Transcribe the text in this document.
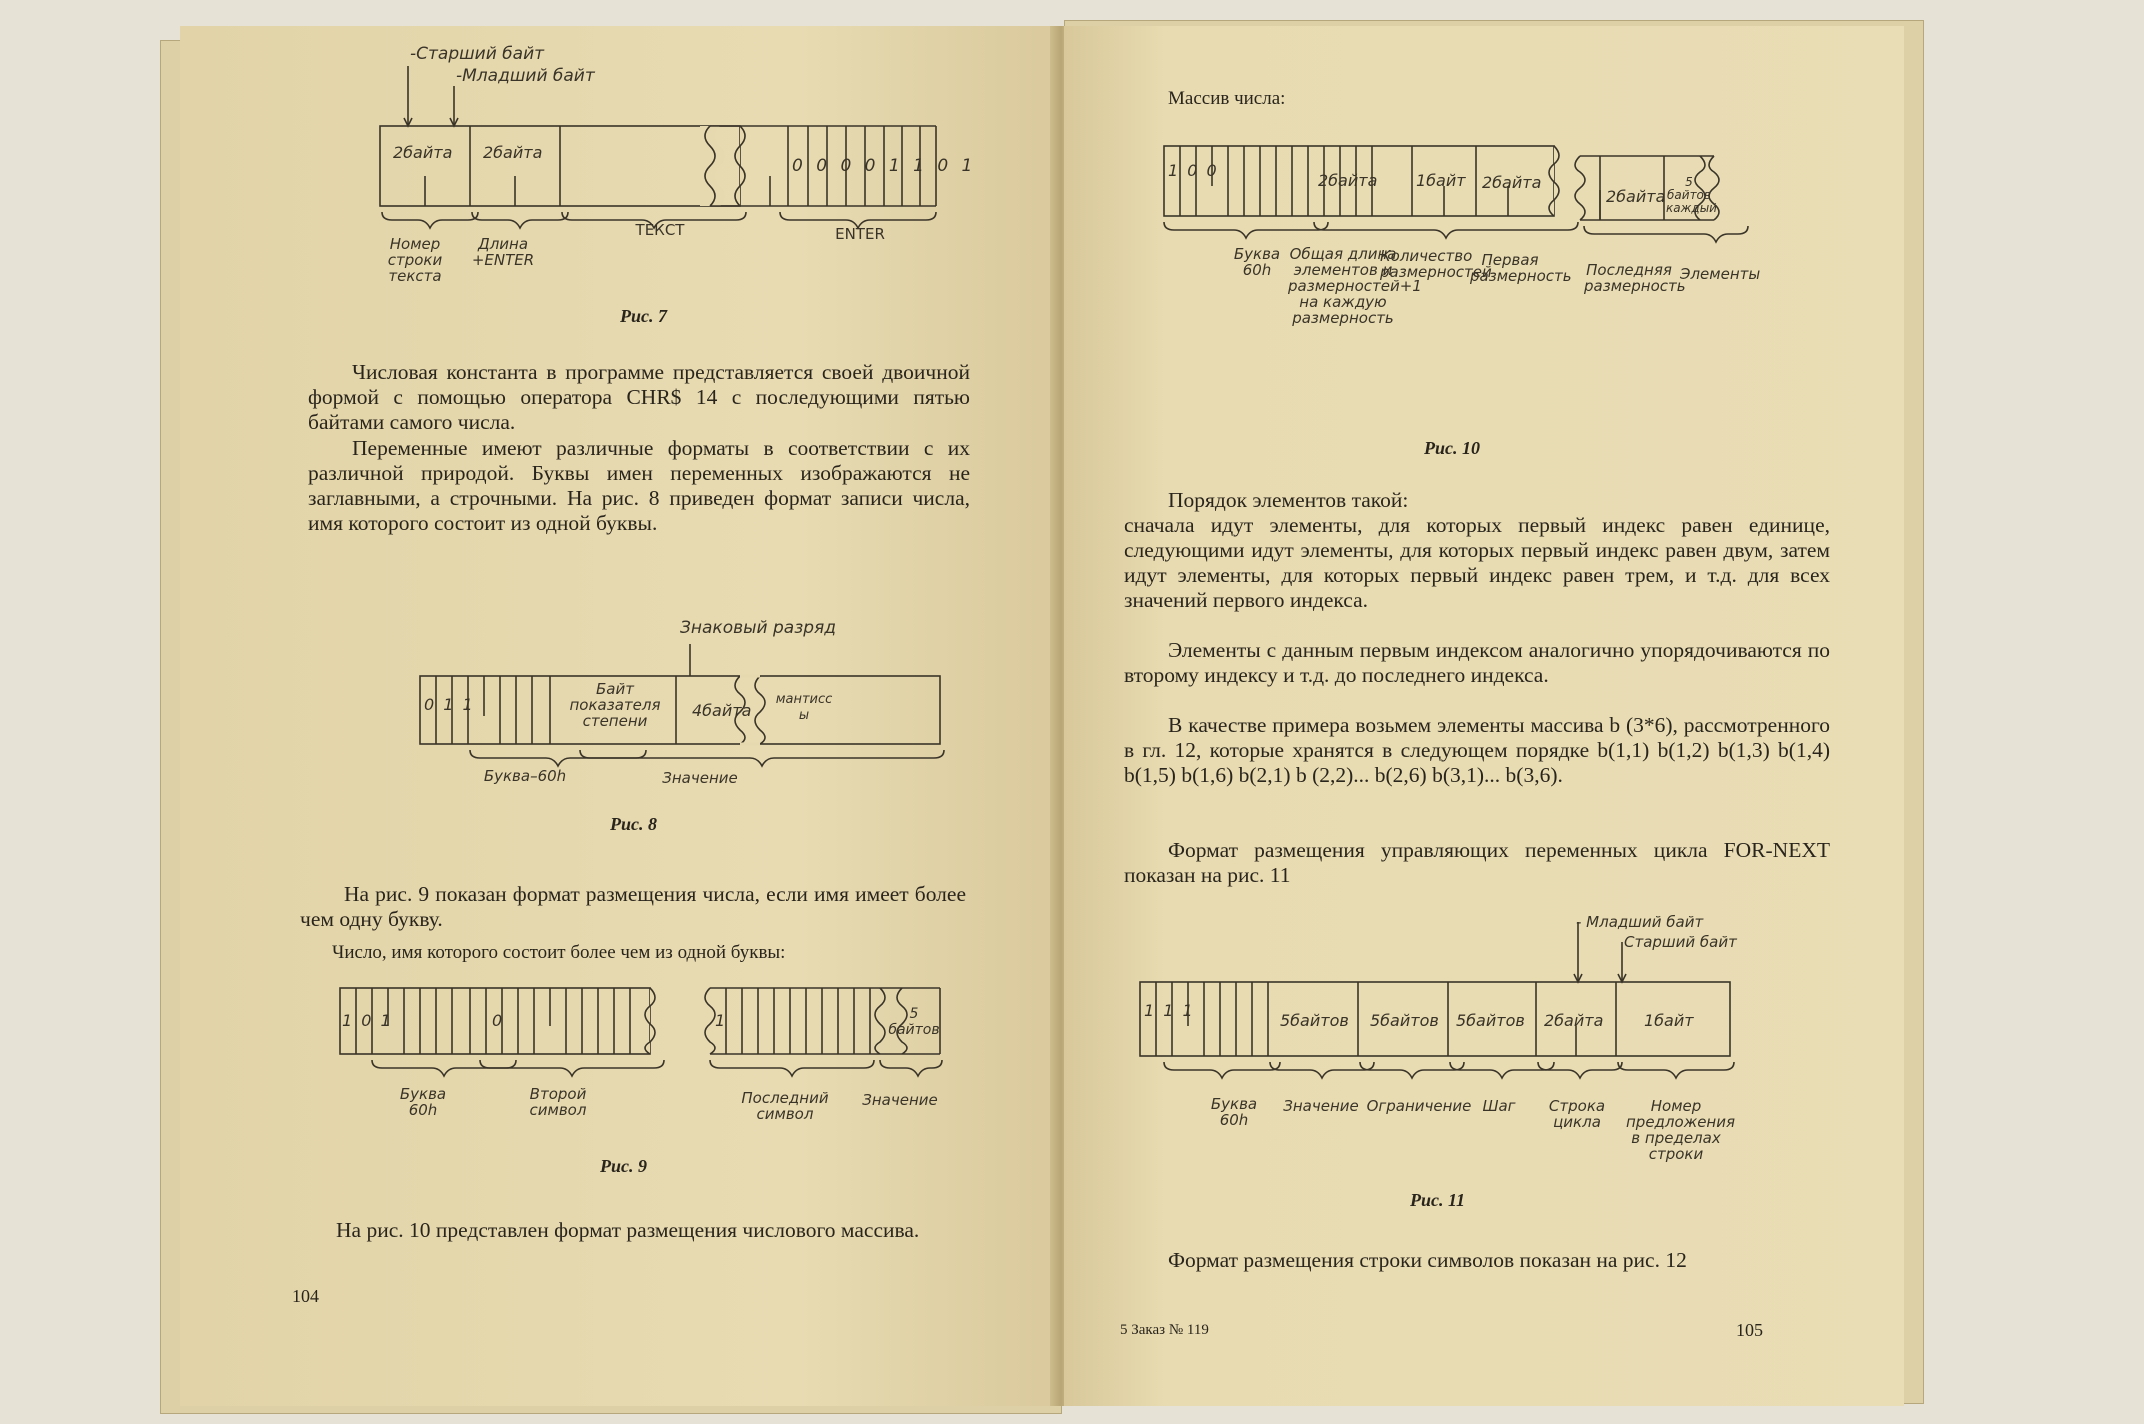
-Старший байт
-Младший байт
2байта 2байта
0 0 0 0 1 1 0 1
Номер строки текста
Длина +ENTER
ТЕКСТ	ENTER
Рис. 7
Числовая константа в программе представляется своей двоичной формой с помощью оператора CHR$ 14 с последующими пятью байтами самого числа.
Переменные имеют различные форматы в соответствии с их различной природой. Буквы имен переменных изображаются не заглавными, а строчными. На рис. 8 приведен формат записи числа, имя которого состоит из одной буквы.
Знаковый разряд
0 1 1	4байта
Байт показателя степени
мантиссы
Буква–60h	Значение
Рис. 8
На рис. 9 показан формат размещения числа, если имя имеет более чем одну букву.
Число, имя которого состоит более чем из одной буквы:
1 0 1	0	1	5 байтов
Буква 60h
Второй символ
Последний символ
Значение
Рис. 9
На рис. 10 представлен формат размещения числового массива.
104
Массив числа:
1 0 0
2байта 1байт 2байта
2байта
5 байтов каждый
Буква 60h
Общая длина элементов и размерностей+1 на каждую размерность
Количество размерностей
Первая размерность Последняя размерность
Элементы
Рис. 10
Порядок элементов такой:
сначала идут элементы, для которых первый индекс равен единице, следующими идут элементы, для которых первый индекс равен двум, затем идут элементы, для которых первый индекс равен трем, и т.д. для всех значений первого индекса.
Элементы с данным первым индексом аналогично упорядочиваются по второму индексу и т.д. до последнего индекса.
В качестве примера возьмем элементы массива b (3*6), рассмотренного в гл. 12, которые хранятся в следующем порядке b(1,1) b(1,2) b(1,3) b(1,4) b(1,5) b(1,6) b(2,1) b (2,2)... b(2,6) b(3,1)... b(3,6).
Формат размещения управляющих переменных цикла FOR-NEXT показан на рис. 11
- Младший байт
Старший байт
1 1 1
5байтов 5байтов 5байтов 2байта	1байт
Буква 60h
Значение Ограничение Шаг	Строка цикла
Номер предложения в пределах строки
Рис. 11
Формат размещения строки символов показан на рис. 12
5 Заказ № 119	105
